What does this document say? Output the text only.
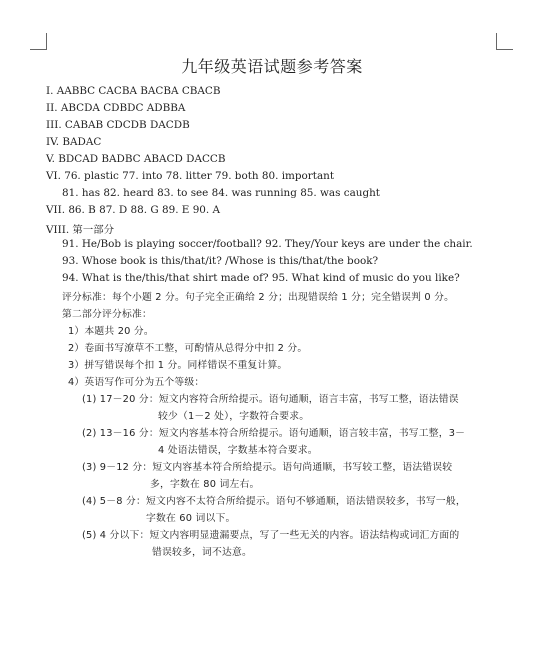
九年级英语试题参考答案
I. AABBC CACBA BACBA CBACB
II. ABCDA CDBDC ADBBA
III. CABAB CDCDB DACDB
IV. BADAC
V. BDCAD BADBC ABACD DACCB
VI. 76. plastic 77. into 78. litter 79. both 80. important
81. has 82. heard 83. to see 84. was running 85. was caught
VII. 86. B 87. D 88. G 89. E 90. A
VIII. 第一部分
91. He/Bob is playing soccer/football? 92. They/Your keys are under the chair.
93. Whose book is this/that/it? /Whose is this/that/the book?
94. What is the/this/that shirt made of? 95. What kind of music do you like?
评分标准：每个小题 2 分。句子完全正确给 2 分；出现错误给 1 分；完全错误判 0 分。
第二部分评分标准：
1）本题共 20 分。
2）卷面书写潦草不工整，可酌情从总得分中扣 2 分。
3）拼写错误每个扣 1 分。同样错误不重复计算。
4）英语写作可分为五个等级：
(1) 17－20 分：短文内容符合所给提示。语句通顺，语言丰富，书写工整，语法错误
较少（1－2 处），字数符合要求。
(2) 13－16 分：短文内容基本符合所给提示。语句通顺，语言较丰富，书写工整，3－
4 处语法错误，字数基本符合要求。
(3) 9－12 分：短文内容基本符合所给提示。语句尚通顺，书写较工整，语法错误较
多，字数在 80 词左右。
(4) 5－8 分：短文内容不太符合所给提示。语句不够通顺，语法错误较多，书写一般，
字数在 60 词以下。
(5) 4 分以下：短文内容明显遗漏要点，写了一些无关的内容。语法结构或词汇方面的
错误较多，词不达意。
